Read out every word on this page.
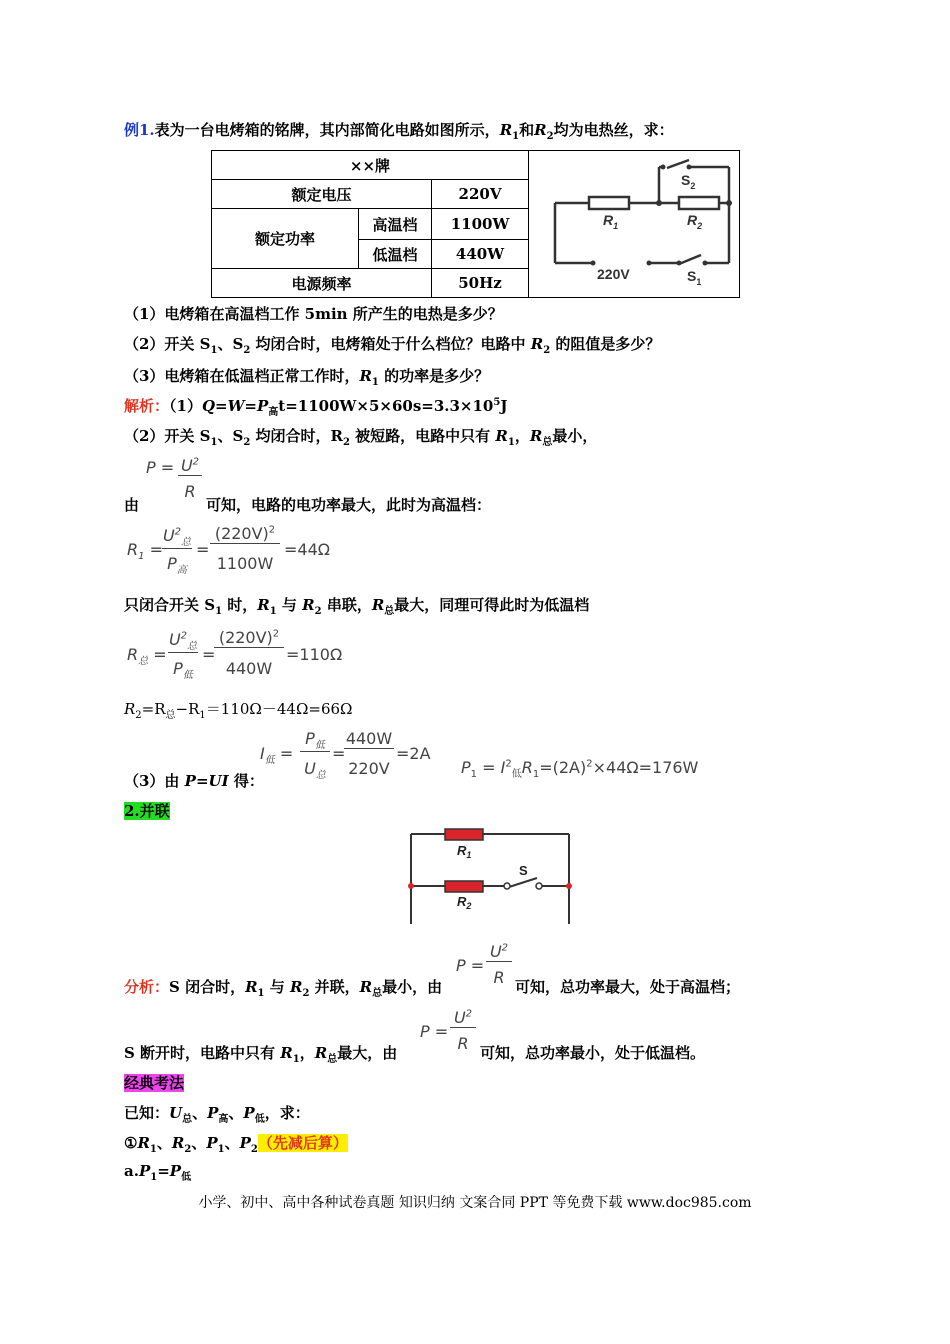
例1.表为一台电烤箱的铭牌，其内部简化电路如图所示，$R_1$和$R_2$均为电热丝，求：
××牌			$S_2$
$R_1$ $R_2$
220V $S_1$

额定电压		220V	
额定功率	高温档	1100W	
	低温档	440W	
电源频率		50Hz	
（1）电烤箱在高温档工作 5min 所产生的电热是多少？
（2）开关 $S_1$、$S_2$ 均闭合时，电烤箱处于什么档位？电路中 $R_2$ 的阻值是多少？
（3）电烤箱在低温档正常工作时，$R_1$ 的功率是多少？
解析：$(1)Q=W=P_高t=1100W\times 5\times 60s=3.3\times 10^5J$
（2）开关 $S_1$、$S_2$ 均闭合时，$R_2$ 被短路，电路中只有 $R_1$，$R_总$最小，
$P = U^2$
R
由	可知，电路的电功率最大，此时为高温档：
$R_1$ =
$U^2_总$
$P_高$
=
$(220V)^2$
1100W
=44Ω
只闭合开关 $S_1$ 时，$R_1$ 与 $R_2$ 串联，$R_总$最大，同理可得此时为低温档
$R_总$ =
$U^2_总$
$P_低$
=
$(220V)^2$
440W
=110Ω
$R_2=R_总-R_1=110\Omega-44\Omega=66\Omega$
$I_低$ =
$P_低$
$U_总$
=
440W
220V
=2A
$P_1 = I^2_低R_1=(2A)^2\times 44\Omega=176W$
（3）由 P=UI 得：
2.并联
$R_1$
$R_2$
S
P =
$U^2$
R
分析：S 闭合时，$R_1$ 与 $R_2$ 并联，$R_总$最小，由	可知，总功率最大，处于高温档；
P =
$U^2$
R
S 断开时，电路中只有 $R_1$，$R_总$最大，由	可知，总功率最小，处于低温档。
经典考法
已知：$U_总$、$P_高$、$P_低$，求：
$①R_1$、$R_2$、$P_1$、$P_2$（先减后算）
$a.P_1=P_低$
小学、初中、高中各种试卷真题 知识归纳 文案合同 PPT 等免费下载 www.doc985.com
